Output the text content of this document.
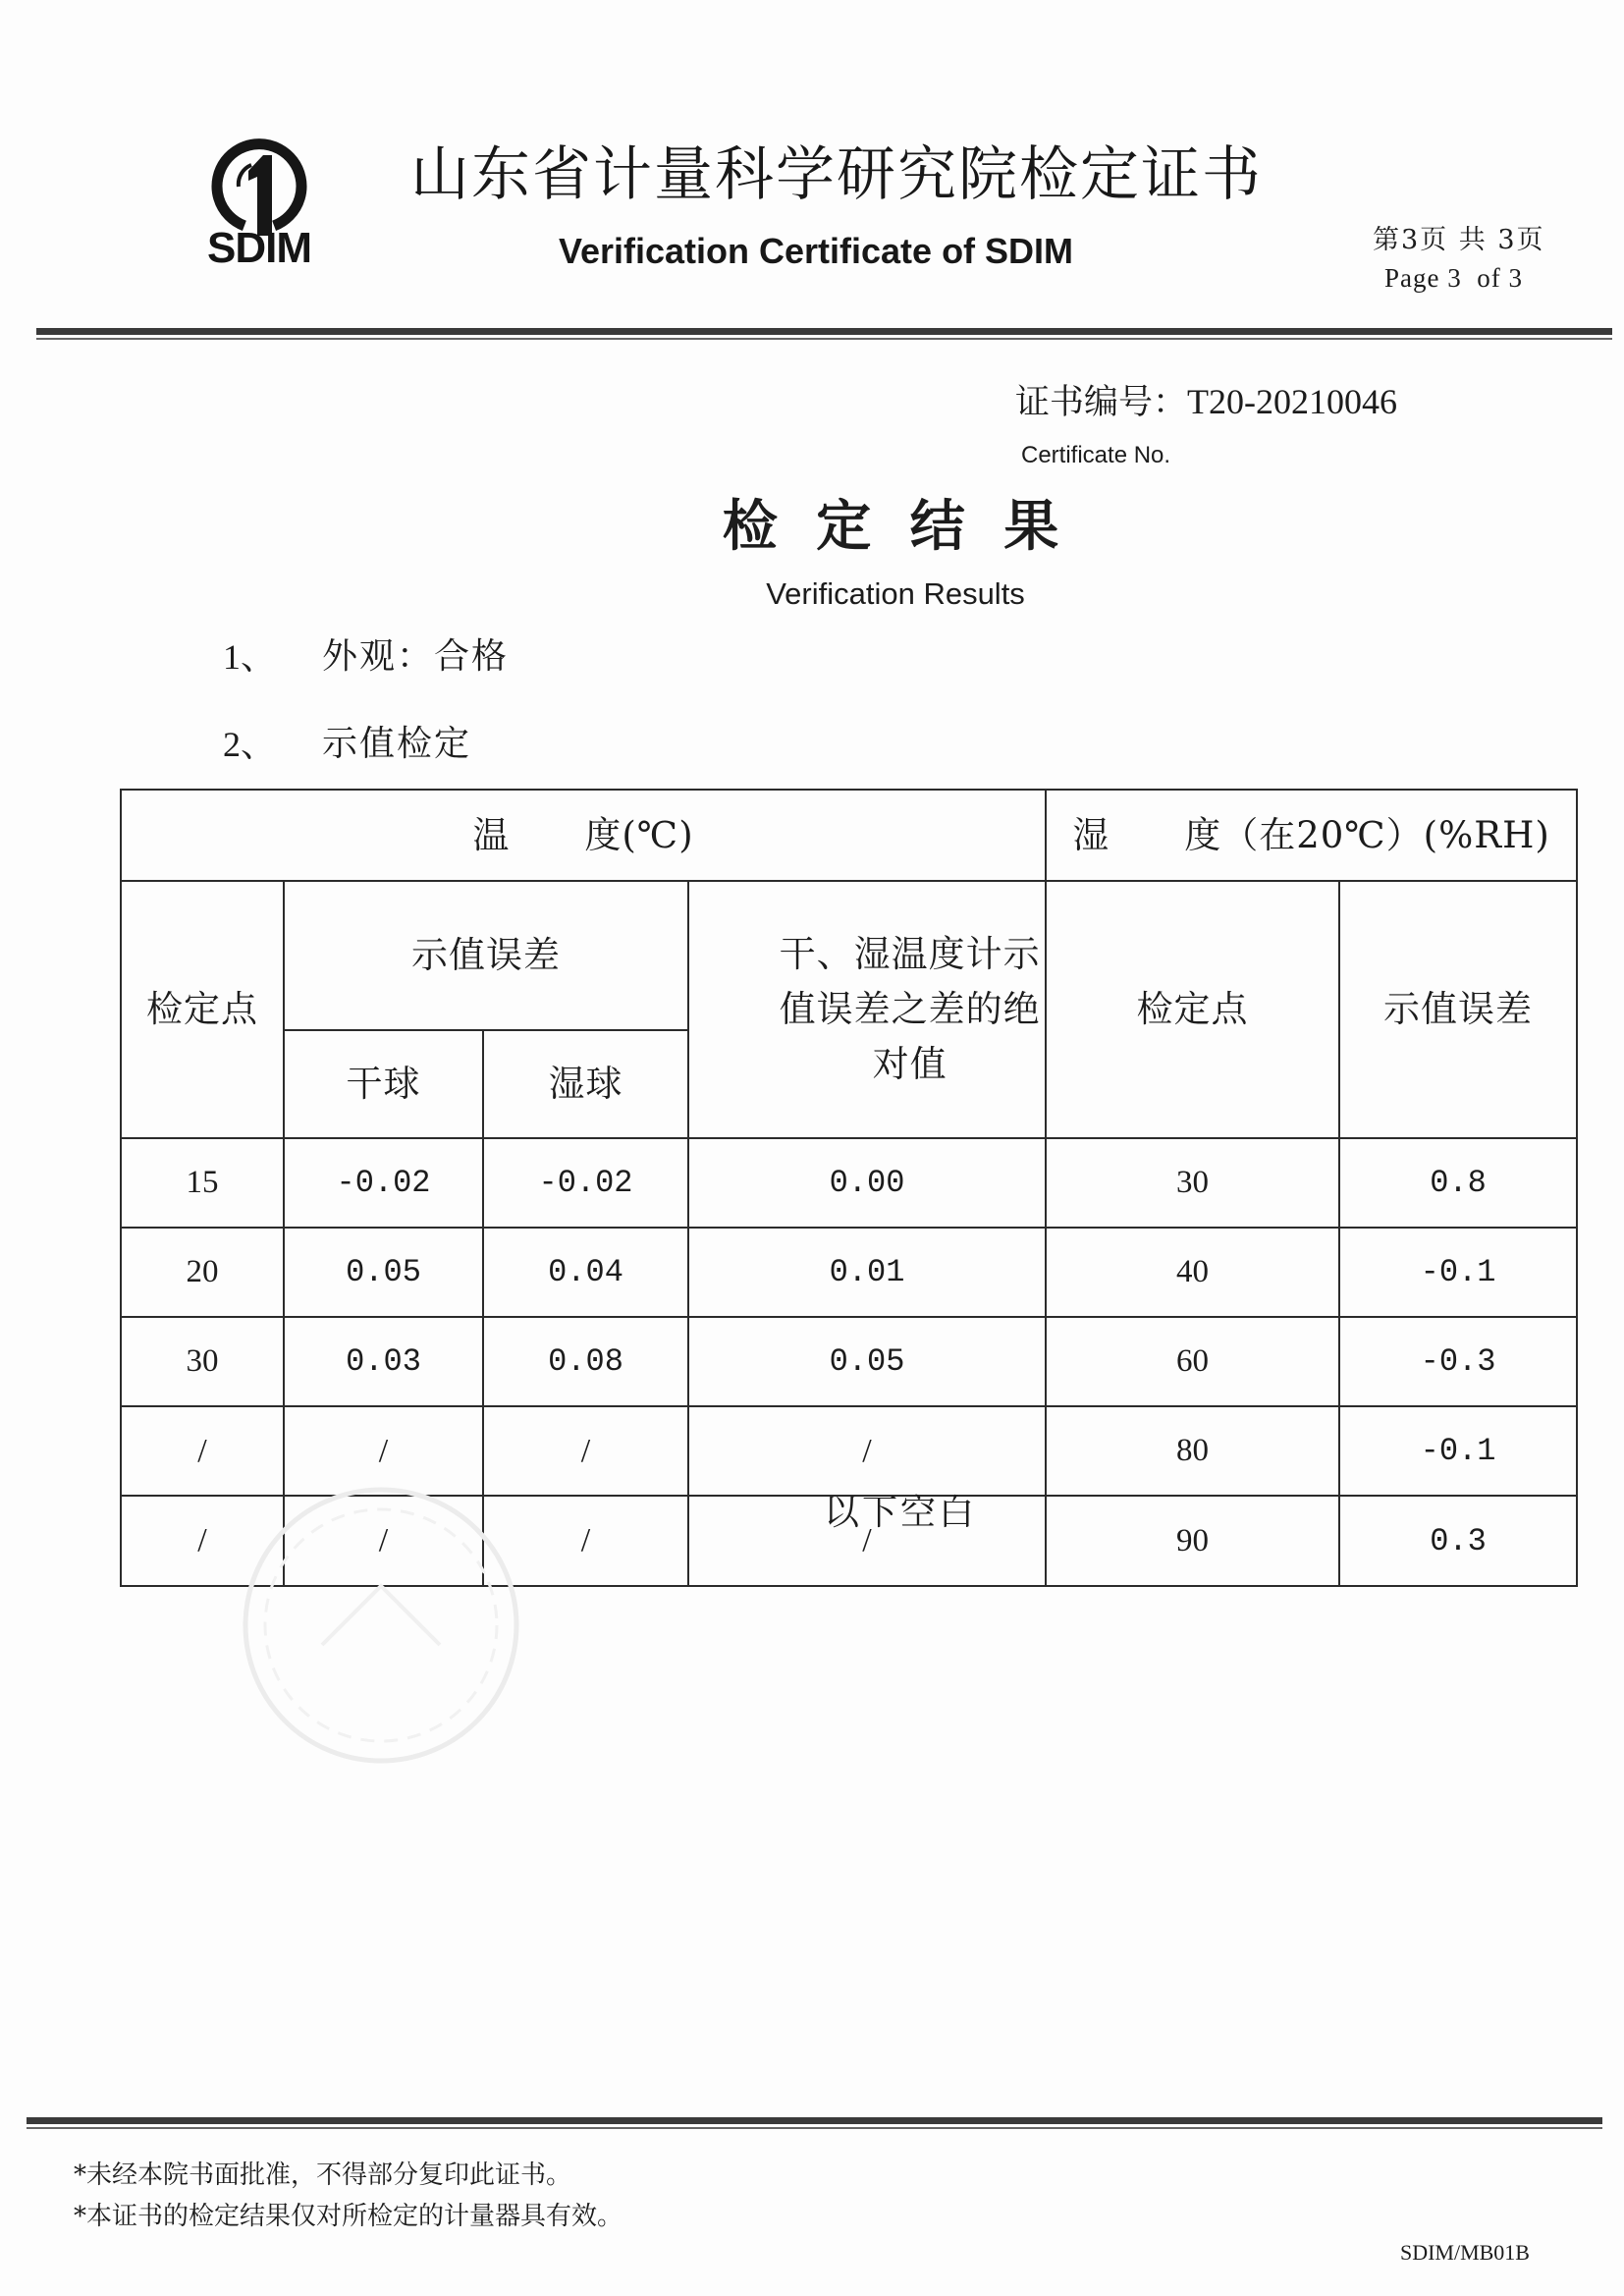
SDIM
山东省计量科学研究院检定证书
Verification Certificate of SDIM	第3页 共 3页
Page 3  of 3
证书编号：T20-20210046
Certificate No.
检 定 结 果
Verification Results
1、 外观：合格
2、 示值检定
温　　度(℃)				湿　　度（在20℃）(%RH)	
检定点	示值误差		干、湿温度计示值误差之差的绝对值	检定点	示值误差
	干球	湿球			
15	-0.02	-0.02	0.00	30	0.8
20	0.05	0.04	0.01	40	-0.1
30	0.03	0.08	0.05	60	-0.3
/	/	/	/	80	-0.1
/	/	/	/	90	0.3
以下空白
*未经本院书面批准，不得部分复印此证书。
*本证书的检定结果仅对所检定的计量器具有效。
SDIM/MB01B
